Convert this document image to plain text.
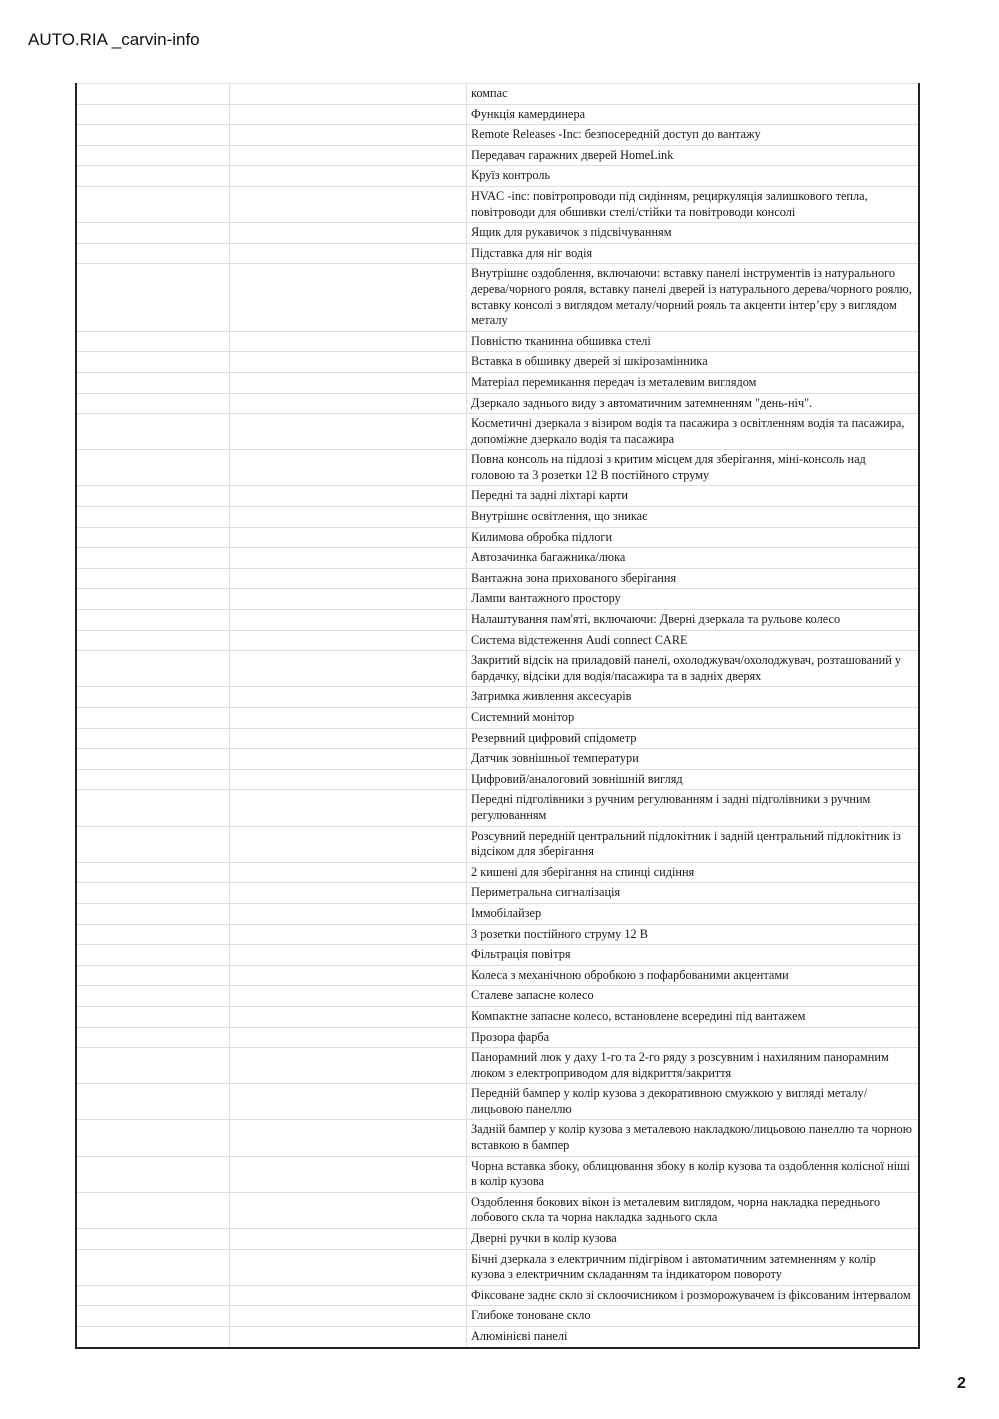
AUTO.RIA _carvin-info
компас
Функція камердинера
Remote Releases -Inc: безпосередній доступ до вантажу
Передавач гаражних дверей HomeLink
Круїз контроль
HVAC -inc: повітропроводи під сидінням, рециркуляція залишкового тепла, повітроводи для обшивки стелі/стійки та повітроводи консолі
Ящик для рукавичок з підсвічуванням
Підставка для ніг водія
Внутрішнє оздоблення, включаючи: вставку панелі інструментів із натурального дерева/чорного рояля, вставку панелі дверей із натурального дерева/чорного роялю, вставку консолі з виглядом металу/чорний рояль та акценти інтер’єру з виглядом металу
Повністю тканинна обшивка стелі
Вставка в обшивку дверей зі шкірозамінника
Матеріал перемикання передач із металевим виглядом
Дзеркало заднього виду з автоматичним затемненням "день-ніч".
Косметичні дзеркала з візиром водія та пасажира з освітленням водія та пасажира, допоміжне дзеркало водія та пасажира
Повна консоль на підлозі з критим місцем для зберігання, міні-консоль над головою та 3 розетки 12 В постійного струму
Передні та задні ліхтарі карти
Внутрішнє освітлення, що зникає
Килимова обробка підлоги
Автозачинка багажника/люка
Вантажна зона прихованого зберігання
Лампи вантажного простору
Налаштування пам'яті, включаючи: Дверні дзеркала та рульове колесо
Система відстеження Audi connect CARE
Закритий відсік на приладовій панелі, охолоджувач/охолоджувач, розташований у бардачку, відсіки для водія/пасажира та в задніх дверях
Затримка живлення аксесуарів
Системний монітор
Резервний цифровий спідометр
Датчик зовнішньої температури
Цифровий/аналоговий зовнішній вигляд
Передні підголівники з ручним регулюванням і задні підголівники з ручним регулюванням
Розсувний передній центральний підлокітник і задній центральний підлокітник із відсіком для зберігання
2 кишені для зберігання на спинці сидіння
Периметральна сигналізація
Іммобілайзер
3 розетки постійного струму 12 В
Фільтрація повітря
Колеса з механічною обробкою з пофарбованими акцентами
Сталеве запасне колесо
Компактне запасне колесо, встановлене всередині під вантажем
Прозора фарба
Панорамний люк у даху 1-го та 2-го ряду з розсувним і нахиляним панорамним люком з електроприводом для відкриття/закриття
Передній бампер у колір кузова з декоративною смужкою у вигляді металу/лицьовою панеллю
Задній бампер у колір кузова з металевою накладкою/лицьовою панеллю та чорною вставкою в бампер
Чорна вставка збоку, облицювання збоку в колір кузова та оздоблення колісної ніші в колір кузова
Оздоблення бокових вікон із металевим виглядом, чорна накладка переднього лобового скла та чорна накладка заднього скла
Дверні ручки в колір кузова
Бічні дзеркала з електричним підігрівом і автоматичним затемненням у колір кузова з електричним складанням та індикатором повороту
Фіксоване заднє скло зі склоочисником і розморожувачем із фіксованим інтервалом
Глибоке тоноване скло
Алюмінієві панелі
2
